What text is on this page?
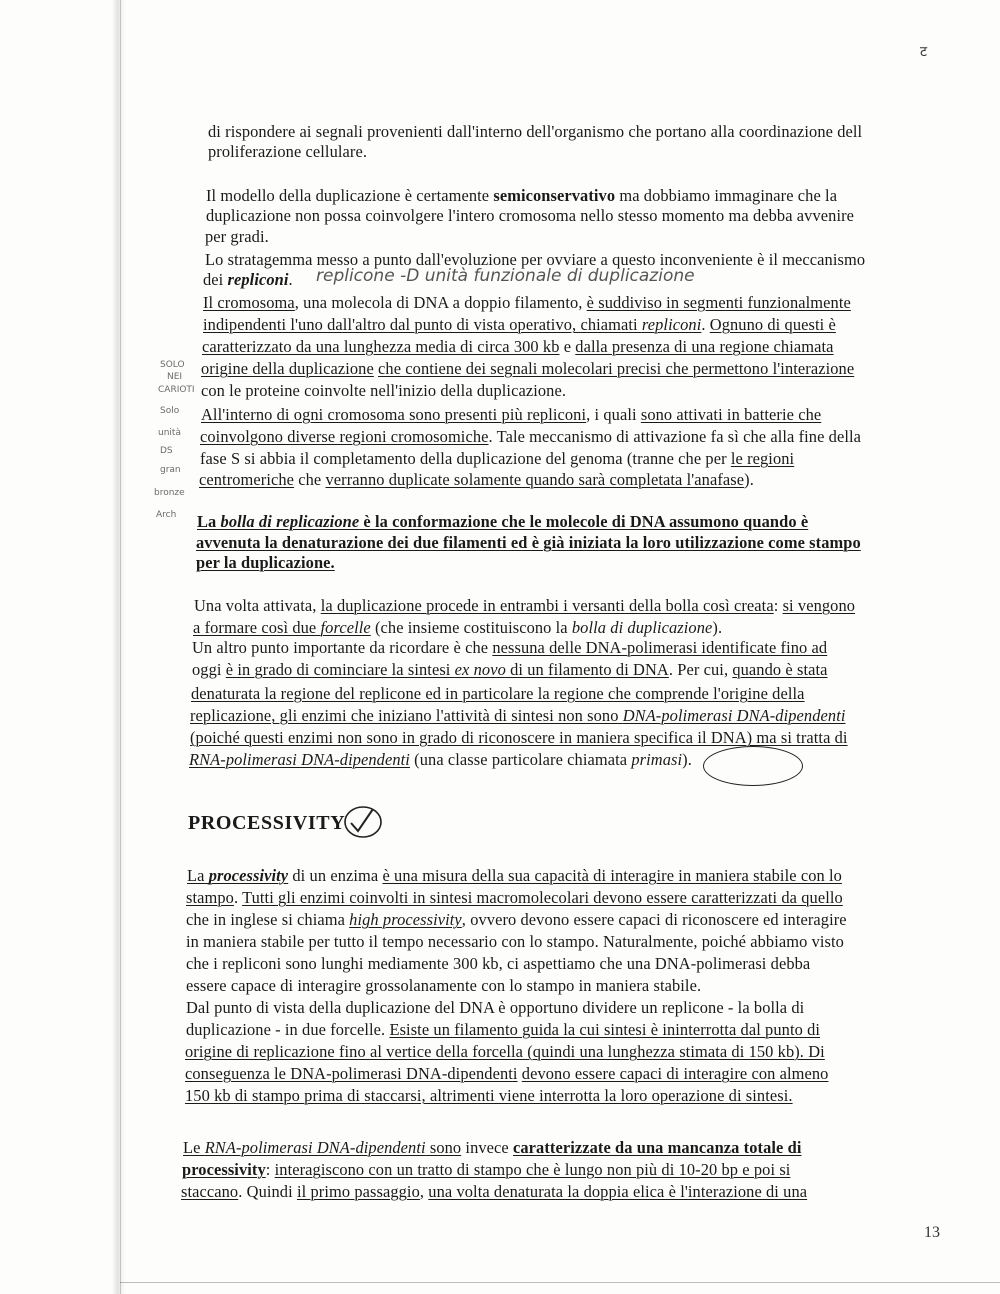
ट
di rispondere ai segnali provenienti dall'interno dell'organismo che portano alla coordinazione dell
proliferazione cellulare.
Il modello della duplicazione è certamente semiconservativo ma dobbiamo immaginare che la
duplicazione non possa coinvolgere l'intero cromosoma nello stesso momento ma debba avvenire
per gradi.
Lo stratagemma messo a punto dall'evoluzione per ovviare a questo inconveniente è il meccanismo
dei repliconi. replicone -D unità funzionale di duplicazione
Il cromosoma, una molecola di DNA a doppio filamento, è suddiviso in segmenti funzionalmente
indipendenti l'uno dall'altro dal punto di vista operativo, chiamati repliconi. Ognuno di questi è
caratterizzato da una lunghezza media di circa 300 kb e dalla presenza di una regione chiamata
origine della duplicazione che contiene dei segnali molecolari precisi che permettono l'interazione
con le proteine coinvolte nell'inizio della duplicazione.
SOLO
NEI
CARIOTI
Solo
unità
DS
gran
bronze
Arch
All'interno di ogni cromosoma sono presenti più repliconi, i quali sono attivati in batterie che
coinvolgono diverse regioni cromosomiche. Tale meccanismo di attivazione fa sì che alla fine della
fase S si abbia il completamento della duplicazione del genoma (tranne che per le regioni
centromeriche che verranno duplicate solamente quando sarà completata l'anafase).
La bolla di replicazione è la conformazione che le molecole di DNA assumono quando è
avvenuta la denaturazione dei due filamenti ed è già iniziata la loro utilizzazione come stampo
per la duplicazione.
Una volta attivata, la duplicazione procede in entrambi i versanti della bolla così creata: si vengono
a formare così due forcelle (che insieme costituiscono la bolla di duplicazione).
Un altro punto importante da ricordare è che nessuna delle DNA-polimerasi identificate fino ad
oggi è in grado di cominciare la sintesi ex novo di un filamento di DNA. Per cui, quando è stata
denaturata la regione del replicone ed in particolare la regione che comprende l'origine della
replicazione, gli enzimi che iniziano l'attività di sintesi non sono DNA-polimerasi DNA-dipendenti
(poiché questi enzimi non sono in grado di riconoscere in maniera specifica il DNA) ma si tratta di
RNA-polimerasi DNA-dipendenti (una classe particolare chiamata primasi).
PROCESSIVITY
La processivity di un enzima è una misura della sua capacità di interagire in maniera stabile con lo
stampo. Tutti gli enzimi coinvolti in sintesi macromolecolari devono essere caratterizzati da quello
che in inglese si chiama high processivity, ovvero devono essere capaci di riconoscere ed interagire
in maniera stabile per tutto il tempo necessario con lo stampo. Naturalmente, poiché abbiamo visto
che i repliconi sono lunghi mediamente 300 kb, ci aspettiamo che una DNA-polimerasi debba
essere capace di interagire grossolanamente con lo stampo in maniera stabile.
Dal punto di vista della duplicazione del DNA è opportuno dividere un replicone - la bolla di
duplicazione - in due forcelle. Esiste un filamento guida la cui sintesi è ininterrotta dal punto di
origine di replicazione fino al vertice della forcella (quindi una lunghezza stimata di 150 kb). Di
conseguenza le DNA-polimerasi DNA-dipendenti devono essere capaci di interagire con almeno
150 kb di stampo prima di staccarsi, altrimenti viene interrotta la loro operazione di sintesi.
Le RNA-polimerasi DNA-dipendenti sono invece caratterizzate da una mancanza totale di
processivity: interagiscono con un tratto di stampo che è lungo non più di 10-20 bp e poi si
staccano. Quindi il primo passaggio, una volta denaturata la doppia elica è l'interazione di una
13
